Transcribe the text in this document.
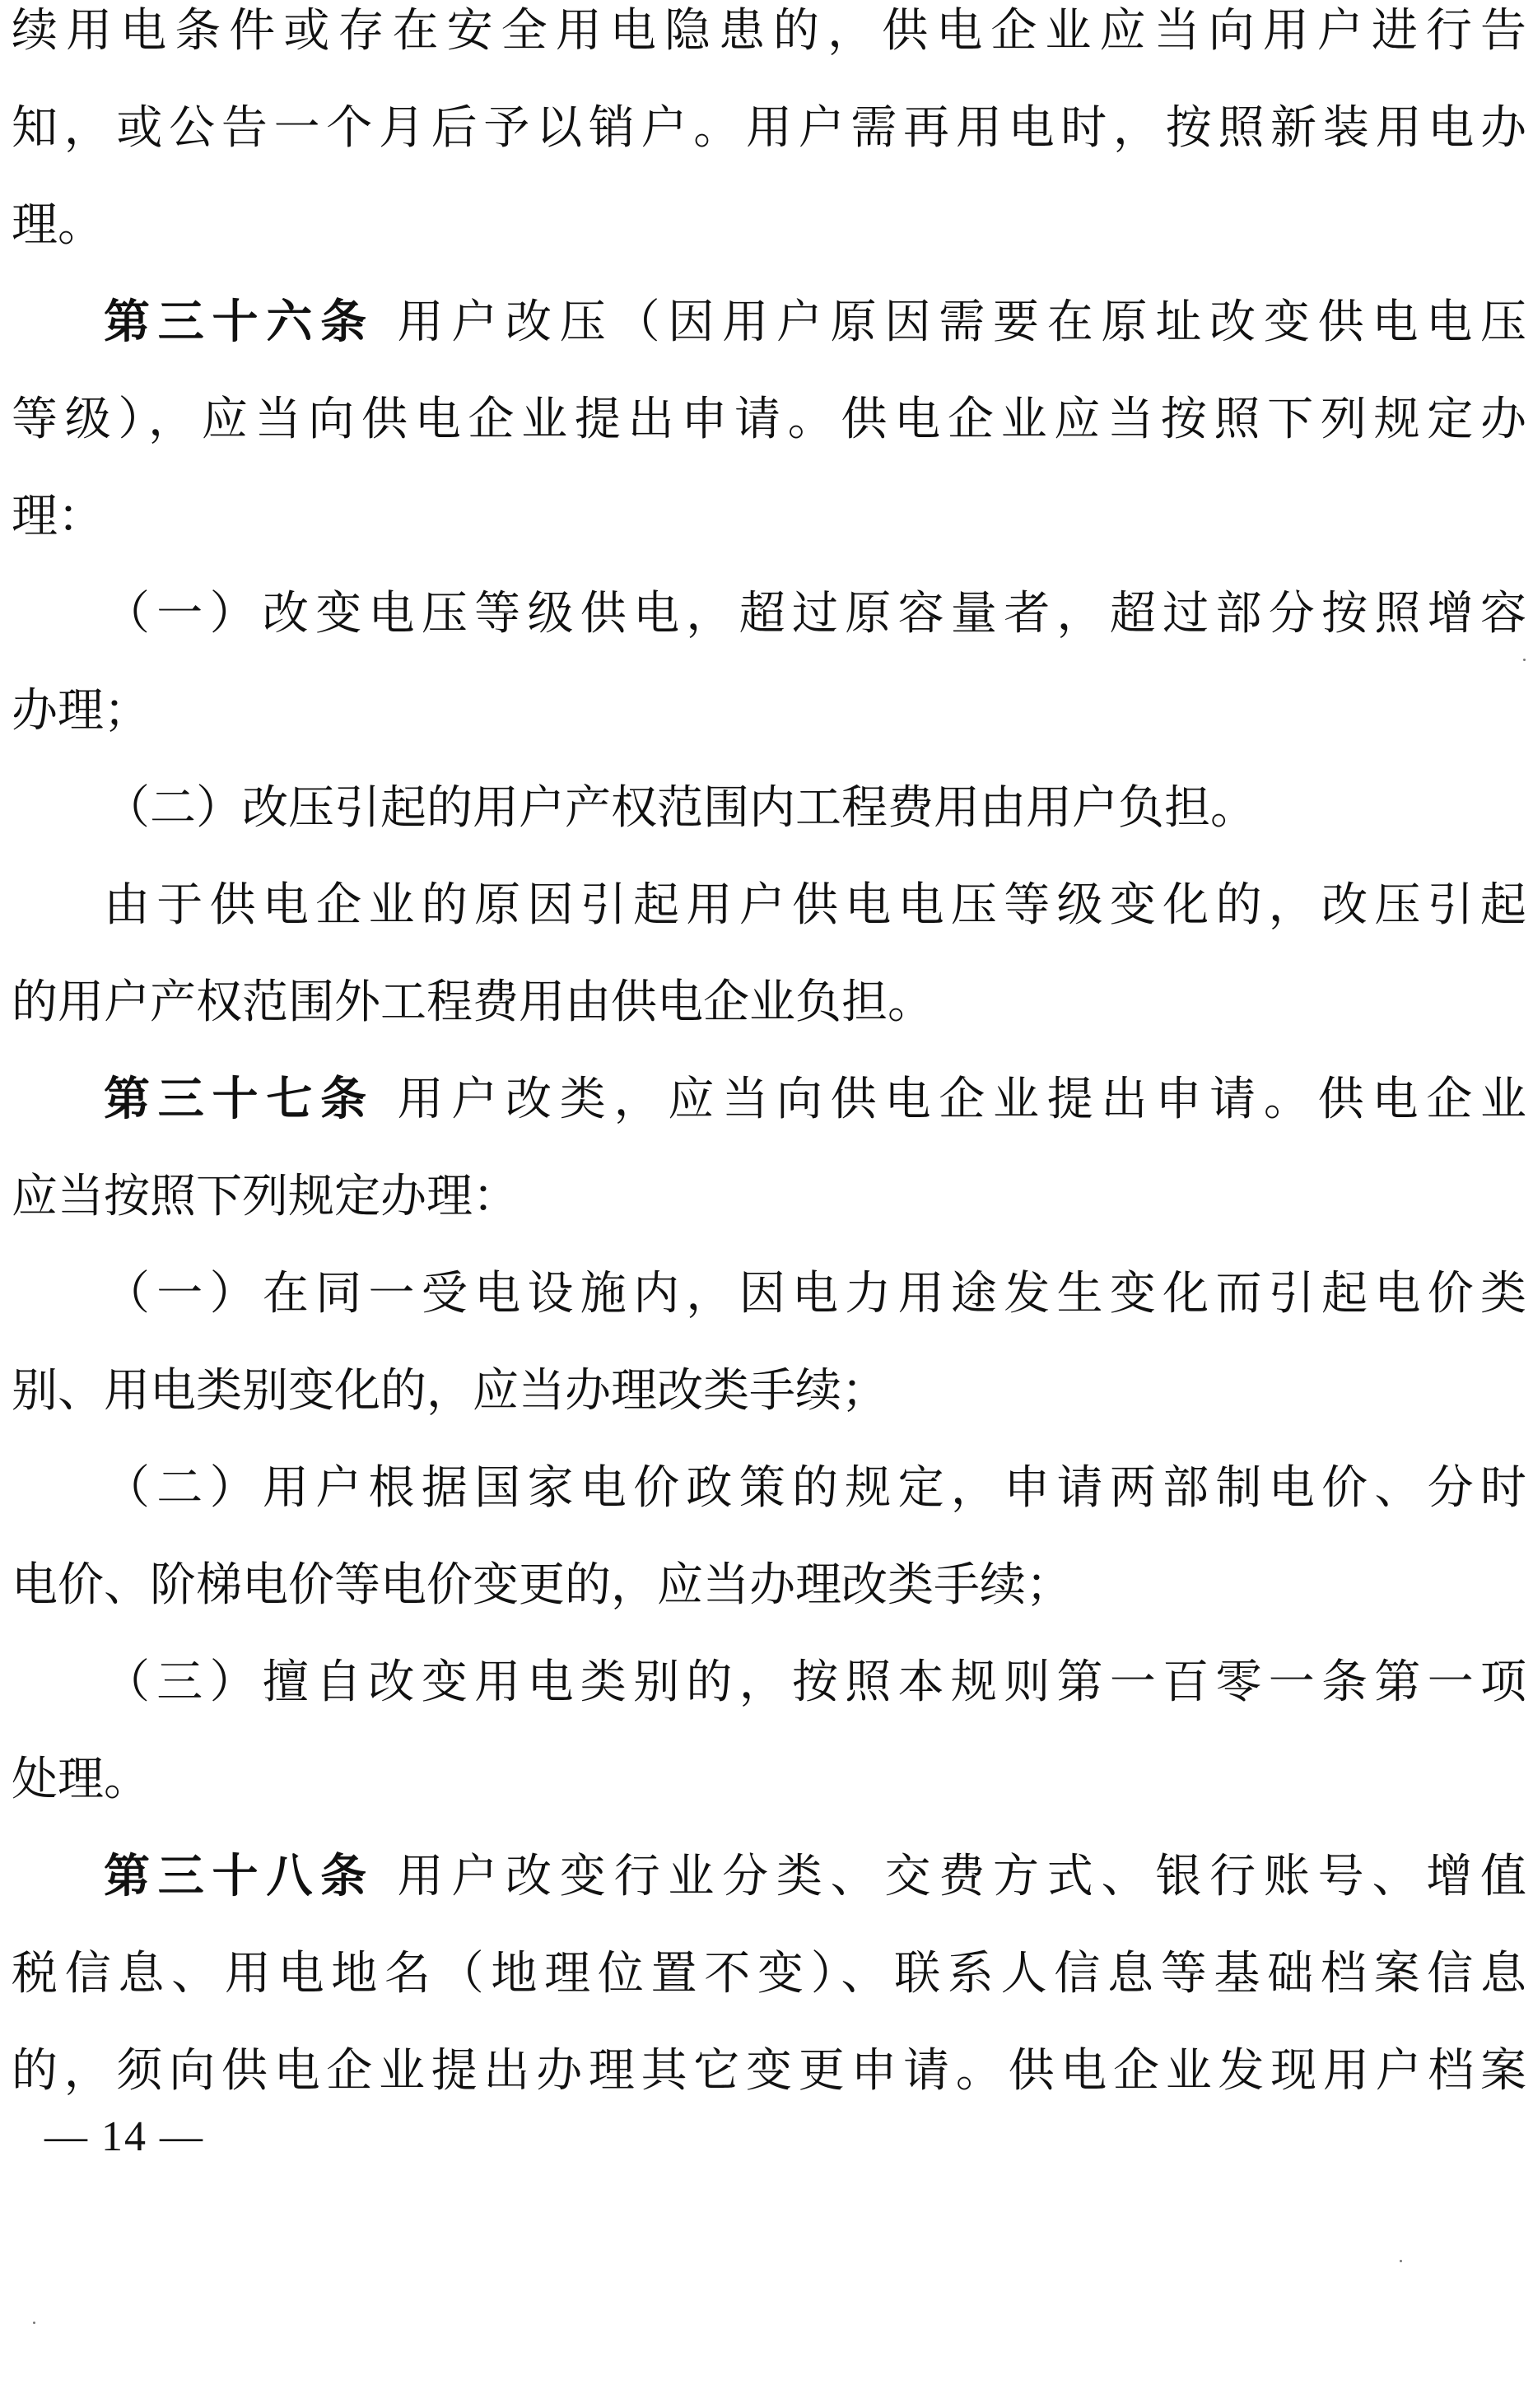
续用电条件或存在安全用电隐患的，供电企业应当向用户进行告
知，或公告一个月后予以销户。用户需再用电时，按照新装用电办
理。
第三十六条 用户改压（因用户原因需要在原址改变供电电压
等级），应当向供电企业提出申请。供电企业应当按照下列规定办
理：
（一）改变电压等级供电，超过原容量者，超过部分按照增容
办理；
（二）改压引起的用户产权范围内工程费用由用户负担。
由于供电企业的原因引起用户供电电压等级变化的，改压引起
的用户产权范围外工程费用由供电企业负担。
第三十七条 用户改类，应当向供电企业提出申请。供电企业
应当按照下列规定办理：
（一）在同一受电设施内，因电力用途发生变化而引起电价类
别、用电类别变化的，应当办理改类手续；
（二）用户根据国家电价政策的规定，申请两部制电价、分时
电价、阶梯电价等电价变更的，应当办理改类手续；
（三）擅自改变用电类别的，按照本规则第一百零一条第一项
处理。
第三十八条 用户改变行业分类、交费方式、银行账号、增值
税信息、用电地名（地理位置不变）、联系人信息等基础档案信息
的，须向供电企业提出办理其它变更申请。供电企业发现用户档案
— 14 —
